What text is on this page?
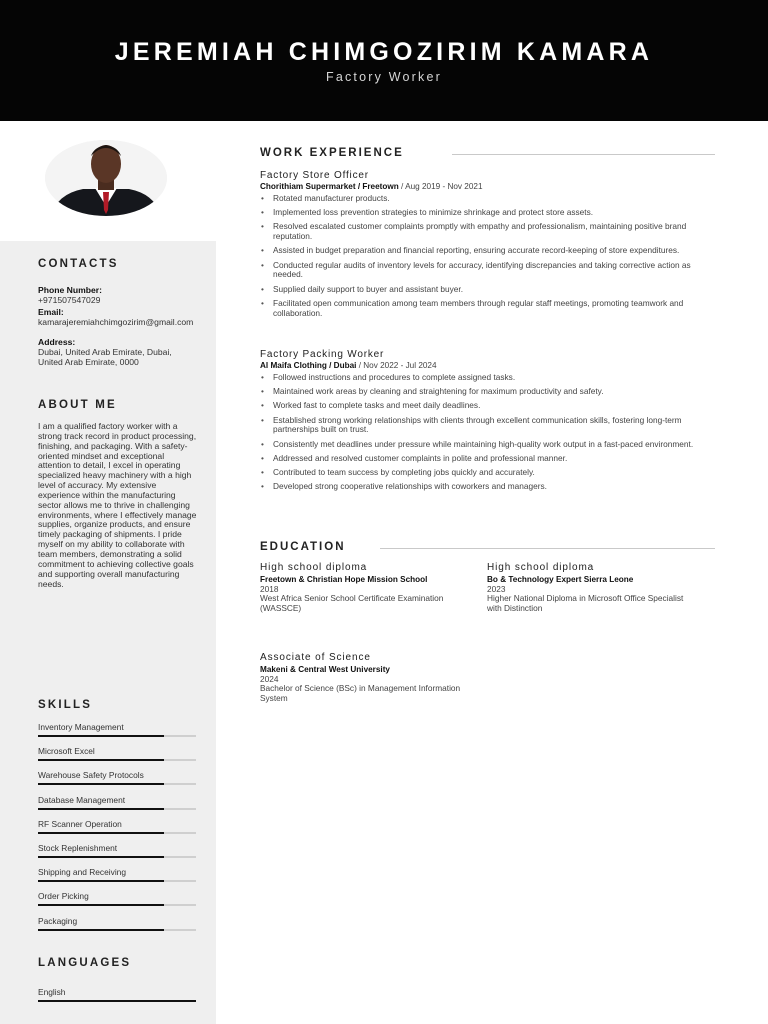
JEREMIAH CHIMGOZIRIM KAMARA
Factory Worker
CONTACTS
Phone Number:
+971507547029
Email:
kamarajeremiahchimgozirim@gmail.com
Address:
Dubai, United Arab Emirate, Dubai, United Arab Emirate, 0000
ABOUT ME

I am a qualified factory worker with a strong track record in product processing, finishing, and packaging. With a safety-oriented mindset and exceptional attention to detail, I excel in operating specialized heavy machinery with a high level of accuracy. My extensive experience within the manufacturing sector allows me to thrive in challenging environments, where I effectively manage supplies, organize products, and ensure timely packaging of shipments. I pride myself on my ability to collaborate with team members, demonstrating a solid commitment to achieving collective goals and supporting overall manufacturing needs.

SKILLS
Inventory Management
Microsoft Excel
Warehouse Safety Protocols
Database Management
RF Scanner Operation
Stock Replenishment
Shipping and Receiving
Order Picking
Packaging
LANGUAGES
English
WORK EXPERIENCE
Factory Store Officer
Chorithiam Supermarket / Freetown / Aug 2019 - Nov 2021
• Rotated manufacturer products.
• Implemented loss prevention strategies to minimize shrinkage and protect store assets.
• Resolved escalated customer complaints promptly with empathy and professionalism, maintaining positive brand reputation.
• Assisted in budget preparation and financial reporting, ensuring accurate record-keeping of store expenditures.
• Conducted regular audits of inventory levels for accuracy, identifying discrepancies and taking corrective action as needed.
• Supplied daily support to buyer and assistant buyer.
• Facilitated open communication among team members through regular staff meetings, promoting teamwork and collaboration.
Factory Packing Worker
Al Maifa Clothing / Dubai / Nov 2022 - Jul 2024
• Followed instructions and procedures to complete assigned tasks.
• Maintained work areas by cleaning and straightening for maximum productivity and safety.
• Worked fast to complete tasks and meet daily deadlines.
• Established strong working relationships with clients through excellent communication skills, fostering long-term partnerships built on trust.
• Consistently met deadlines under pressure while maintaining high-quality work output in a fast-paced environment.
• Addressed and resolved customer complaints in polite and professional manner.
• Contributed to team success by completing jobs quickly and accurately.
• Developed strong cooperative relationships with coworkers and managers.
EDUCATION
High school diploma
Freetown & Christian Hope Mission School
2018
West Africa Senior School Certificate Examination (WASSCE)
High school diploma
Bo & Technology Expert Sierra Leone
2023
Higher National Diploma in Microsoft Office Specialist with Distinction
Associate of Science
Makeni & Central West University
2024
Bachelor of Science (BSc) in Management Information System
